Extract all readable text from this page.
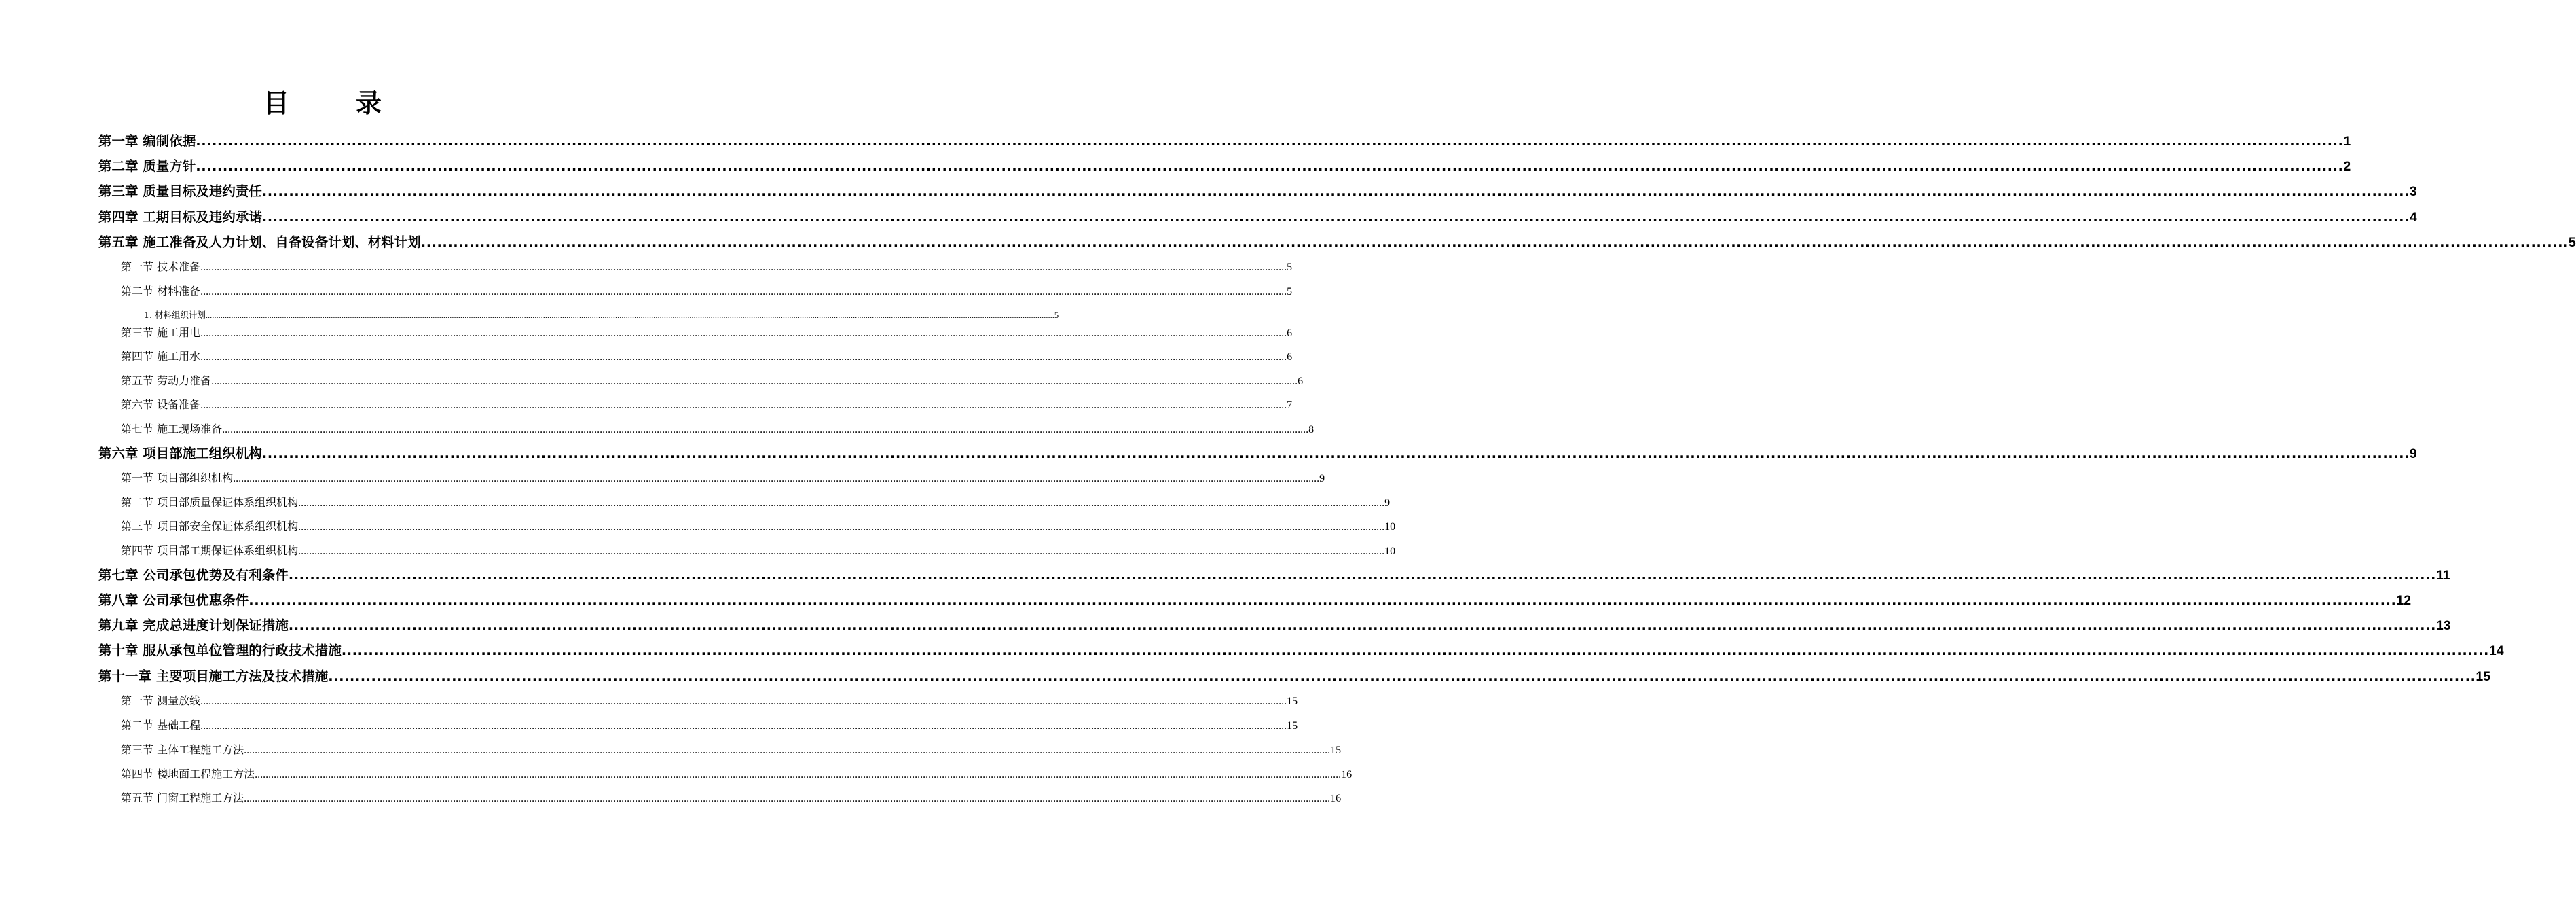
目　录
第一章 编制依据 ................................................................................................................................................................................................................................................................................................................................................................................................................ 1
第二章 质量方针 ................................................................................................................................................................................................................................................................................................................................................................................................................ 2
第三章 质量目标及违约责任 ................................................................................................................................................................................................................................................................................................................................................................................................................ 3
第四章 工期目标及违约承诺 ................................................................................................................................................................................................................................................................................................................................................................................................................ 4
第五章 施工准备及人力计划、自备设备计划、材料计划 ................................................................................................................................................................................................................................................................................................................................................................................................................ 5
第一节 技术准备 ................................................................................................................................................................................................................................................................................................................................................................................................................ 5
第二节 材料准备 ................................................................................................................................................................................................................................................................................................................................................................................................................ 5
1. 材料组织计划 ................................................................................................................................................................................................................................................................................................................................................................................................................ 5
第三节 施工用电 ................................................................................................................................................................................................................................................................................................................................................................................................................ 6
第四节 施工用水 ................................................................................................................................................................................................................................................................................................................................................................................................................ 6
第五节 劳动力准备 ................................................................................................................................................................................................................................................................................................................................................................................................................ 6
第六节 设备准备 ................................................................................................................................................................................................................................................................................................................................................................................................................ 7
第七节 施工现场准备 ................................................................................................................................................................................................................................................................................................................................................................................................................ 8
第六章 项目部施工组织机构 ................................................................................................................................................................................................................................................................................................................................................................................................................ 9
第一节 项目部组织机构 ................................................................................................................................................................................................................................................................................................................................................................................................................ 9
第二节 项目部质量保证体系组织机构 ................................................................................................................................................................................................................................................................................................................................................................................................................ 9
第三节 项目部安全保证体系组织机构 ................................................................................................................................................................................................................................................................................................................................................................................................................ 10
第四节 项目部工期保证体系组织机构 ................................................................................................................................................................................................................................................................................................................................................................................................................ 10
第七章 公司承包优势及有利条件 ................................................................................................................................................................................................................................................................................................................................................................................................................ 11
第八章 公司承包优惠条件 ................................................................................................................................................................................................................................................................................................................................................................................................................ 12
第九章 完成总进度计划保证措施 ................................................................................................................................................................................................................................................................................................................................................................................................................ 13
第十章 服从承包单位管理的行政技术措施 ................................................................................................................................................................................................................................................................................................................................................................................................................ 14
第十一章 主要项目施工方法及技术措施 ................................................................................................................................................................................................................................................................................................................................................................................................................ 15
第一节 测量放线 ................................................................................................................................................................................................................................................................................................................................................................................................................ 15
第二节 基础工程 ................................................................................................................................................................................................................................................................................................................................................................................................................ 15
第三节 主体工程施工方法 ................................................................................................................................................................................................................................................................................................................................................................................................................ 15
第四节 楼地面工程施工方法 ................................................................................................................................................................................................................................................................................................................................................................................................................ 16
第五节 门窗工程施工方法 ................................................................................................................................................................................................................................................................................................................................................................................................................ 16
